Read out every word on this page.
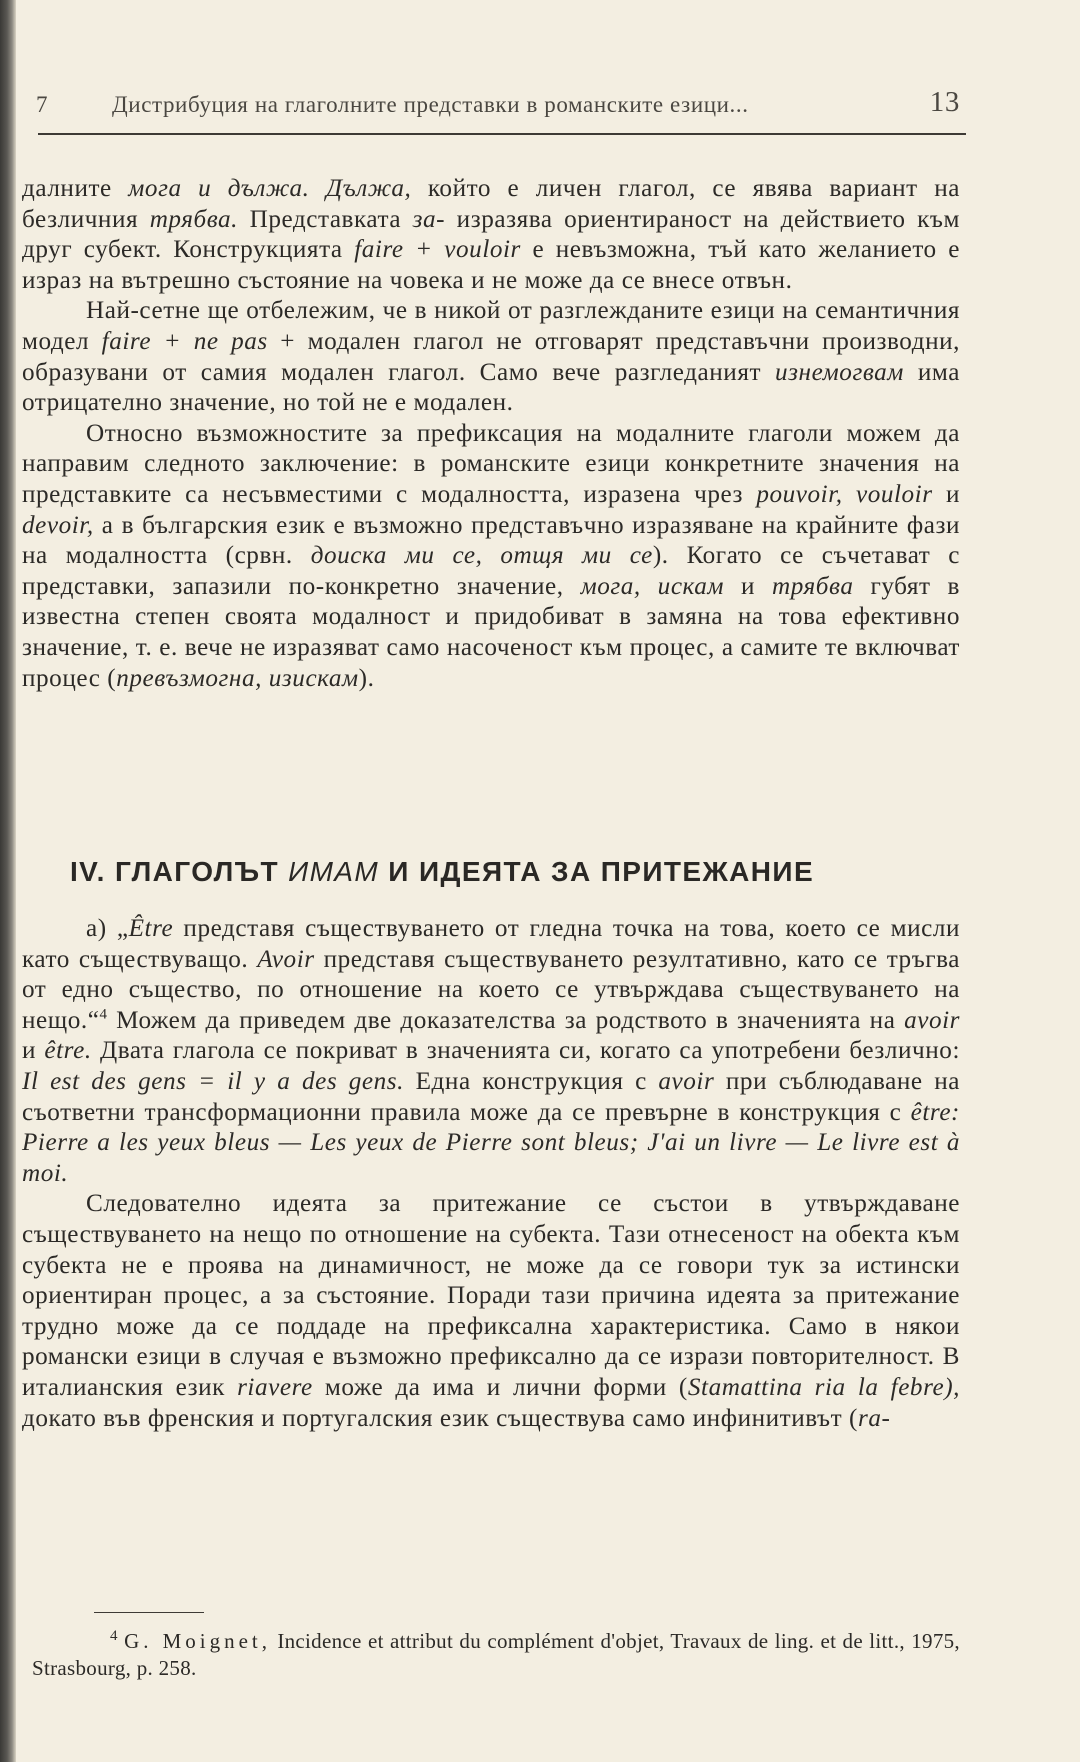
7	Дистрибуция на глаголните представки в романските езици...	13

далните мога и дължа. Дължа, който е личен глагол, се явява вариант на безличния трябва. Представката за- изразява ориентираност на действието към друг субект. Конструкцията faire + vouloir е невъзможна, тъй като желанието е израз на вътрешно състояние на човека и не може да се внесе отвън.

Най-сетне ще отбележим, че в никой от разглежданите езици на семантичния модел faire + ne pas + модален глагол не отговарят представъчни производни, образувани от самия модален глагол. Само вече разгледаният изнемогвам има отрицателно значение, но той не е модален.

Относно възможностите за префиксация на модалните глаголи можем да направим следното заключение: в романските езици конкретните значения на представките са несъвместими с модалността, изразена чрез pouvoir, vouloir и devoir, а в българския език е възможно представъчно изразяване на крайните фази на модалността (срвн. доиска ми се, отщя ми се). Когато се съчетават с представки, запазили по-конкретно значение, мога, искам и трябва губят в известна степен своята модалност и придобиват в замяна на това ефективно значение, т. е. вече не изразяват само насоченост към процес, а самите те включват процес (превъзмогна, изискам).

IV. ГЛАГОЛЪТ ИМАМ И ИДЕЯТА ЗА ПРИТЕЖАНИЕ

а) „Être представя съществуването от гледна точка на това, което се мисли като съществуващо. Avoir представя съществуването резултативно, като се тръгва от едно същество, по отношение на което се утвърждава съществуването на нещо.“$^4$ Можем да приведем две доказателства за родството в значенията на avoir и être. Двата глагола се покриват в значенията си, когато са употребени безлично: Il est des gens = il y a des gens. Една конструкция с avoir при съблюдаване на съответни трансформационни правила може да се превърне в конструкция с être: Pierre a les yeux bleus — Les yeux de Pierre sont bleus; J'ai un livre — Le livre est à moi.

Следователно идеята за притежание се състои в утвърждаване съществуването на нещо по отношение на субекта. Тази отнесеност на обекта към субекта не е проява на динамичност, не може да се говори тук за истински ориентиран процес, а за състояние. Поради тази причина идеята за притежание трудно може да се поддаде на префиксална характеристика. Само в някои романски езици в случая е възможно префиксално да се изрази повторителност. В италианския език riavere може да има и лични форми (Stamattina ria la febre), докато във френския и португалския език съществува само инфинитивът (ra-

$^4$ G. Moignet, Incidence et attribut du complément d'objet, Travaux de ling. et de litt., 1975, Strasbourg, p. 258.
